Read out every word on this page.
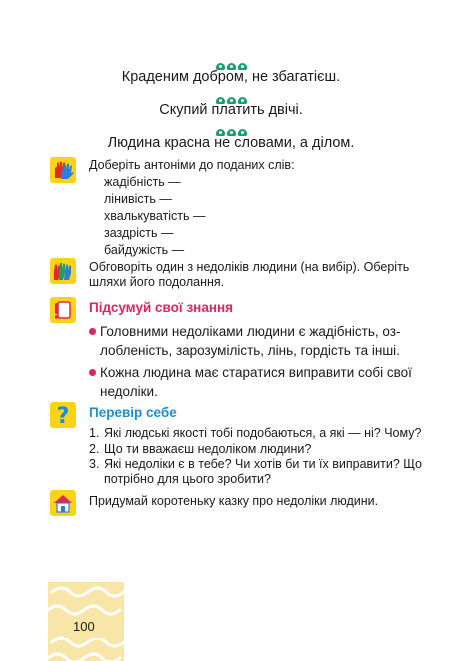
Краденим добром, не збагатієш.
Скупий платить двічі.
Людина красна не словами, а ділом.
Доберіть антоніми до поданих слів:
жадібність —
лінивість —
хвалькуватість —
заздрість —
байдужість —
Обговоріть один з недоліків людини (на вибір). Оберіть
шляхи його подолання.
Підсумуй свої знання
Головними недоліками людини є жадібність, оз-
лобленість, зарозумілість, лінь, гордість та інші.
Кожна людина має старатися виправити собі свої
недоліки.
? Перевір себе
1. Які людські якості тобі подобаються, а які — ні? Чому?
2. Що ти вважаєш недоліком людини?
3. Які недоліки є в тебе? Чи хотів би ти їх виправити? Що
потрібно для цього зробити?
Придумай коротеньку казку про недоліки людини.
100
